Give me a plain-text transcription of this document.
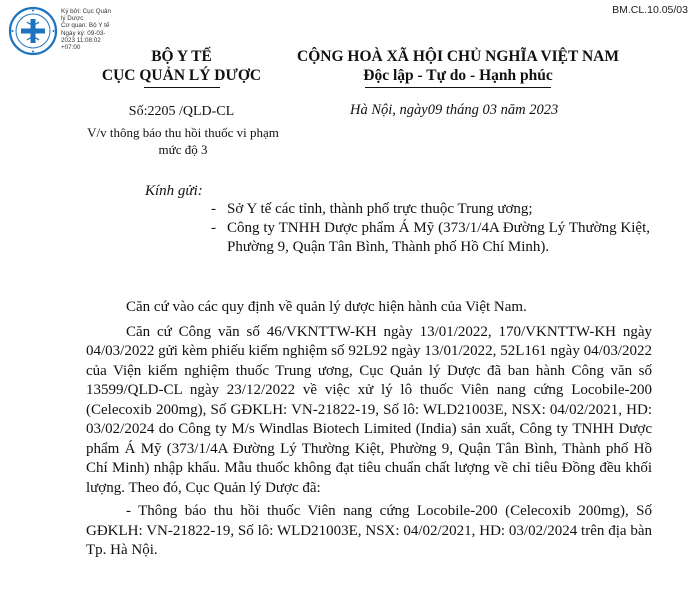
BM.CL.10.05/03
Ký bởi: Cục Quản
lý Dược
Cơ quan: Bộ Y tế
Ngày ký: 09-03-
2023 11:08:02
+07:00
BỘ Y TẾ
CỤC QUẢN LÝ DƯỢC
CỘNG HOÀ XÃ HỘI CHỦ NGHĨA VIỆT NAM
Độc lập - Tự do - Hạnh phúc
Số:2205 /QLD-CL
V/v thông báo thu hồi thuốc vi phạm mức độ 3
Hà Nội, ngày09 tháng 03 năm 2023
Kính gửi:
- Sở Y tế các tỉnh, thành phố trực thuộc Trung ương;
- Công ty TNHH Dược phẩm Á Mỹ (373/1/4A Đường Lý Thường Kiệt, Phường 9, Quận Tân Bình, Thành phố Hồ Chí Minh).

Căn cứ vào các quy định về quản lý dược hiện hành của Việt Nam.

Căn cứ Công văn số 46/VKNTTW-KH ngày 13/01/2022, 170/VKNTTW-KH ngày 04/03/2022 gửi kèm phiếu kiểm nghiệm số 92L92 ngày 13/01/2022, 52L161 ngày 04/03/2022 của Viện kiểm nghiệm thuốc Trung ương, Cục Quản lý Dược đã ban hành Công văn số 13599/QLD-CL ngày 23/12/2022 về việc xử lý lô thuốc Viên nang cứng Locobile-200 (Celecoxib 200mg), Số GĐKLH: VN-21822-19, Số lô: WLD21003E, NSX: 04/02/2021, HD: 03/02/2024 do Công ty M/s Windlas Biotech Limited (India) sản xuất, Công ty TNHH Dược phẩm Á Mỹ (373/1/4A Đường Lý Thường Kiệt, Phường 9, Quận Tân Bình, Thành phố Hồ Chí Minh) nhập khẩu. Mẫu thuốc không đạt tiêu chuẩn chất lượng về chỉ tiêu Đồng đều khối lượng. Theo đó, Cục Quản lý Dược đã:

- Thông báo thu hồi thuốc Viên nang cứng Locobile-200 (Celecoxib 200mg), Số GĐKLH: VN-21822-19, Số lô: WLD21003E, NSX: 04/02/2021, HD: 03/02/2024 trên địa bàn Tp. Hà Nội.
